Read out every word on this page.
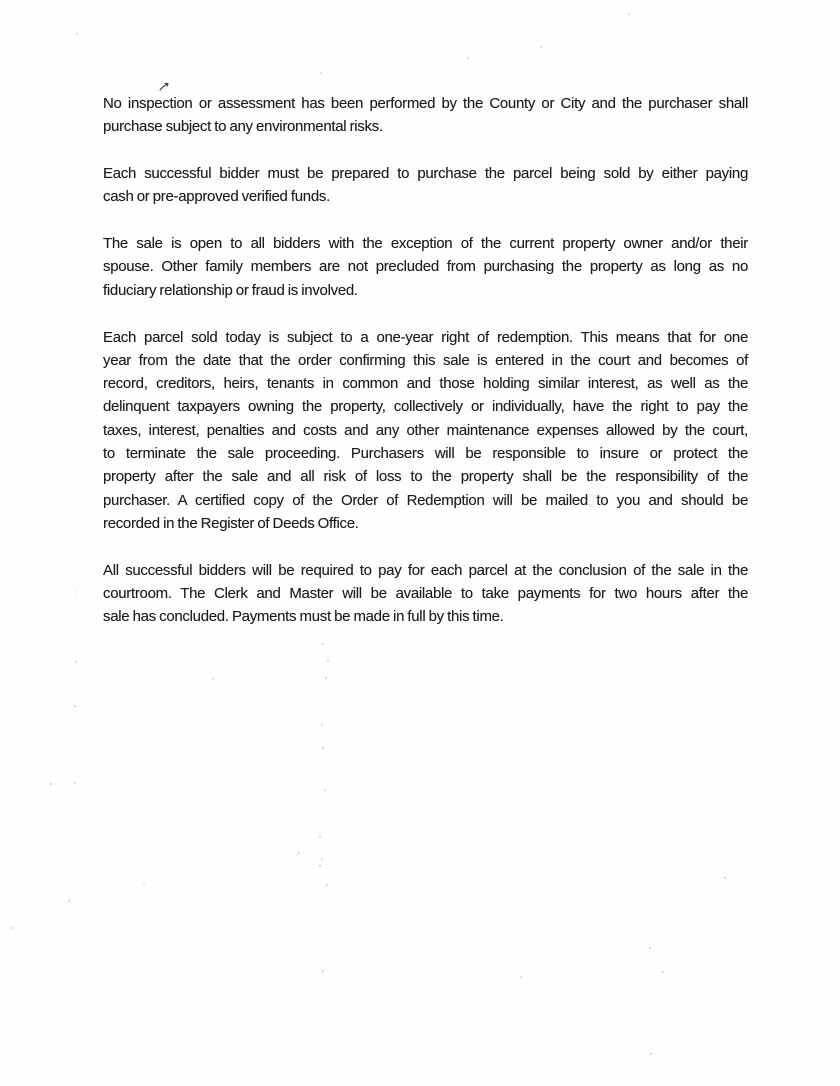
No inspection or assessment has been performed by the County or City and the purchaser shall
purchase subject to any environmental risks.
Each successful bidder must be prepared to purchase the parcel being sold by either paying
cash or pre-approved verified funds.
The sale is open to all bidders with the exception of the current property owner and/or their
spouse. Other family members are not precluded from purchasing the property as long as no
fiduciary relationship or fraud is involved.
Each parcel sold today is subject to a one-year right of redemption. This means that for one
year from the date that the order confirming this sale is entered in the court and becomes of
record, creditors, heirs, tenants in common and those holding similar interest, as well as the
delinquent taxpayers owning the property, collectively or individually, have the right to pay the
taxes, interest, penalties and costs and any other maintenance expenses allowed by the court,
to terminate the sale proceeding. Purchasers will be responsible to insure or protect the
property after the sale and all risk of loss to the property shall be the responsibility of the
purchaser. A certified copy of the Order of Redemption will be mailed to you and should be
recorded in the Register of Deeds Office.
All successful bidders will be required to pay for each parcel at the conclusion of the sale in the
courtroom. The Clerk and Master will be available to take payments for two hours after the
sale has concluded. Payments must be made in full by this time.
